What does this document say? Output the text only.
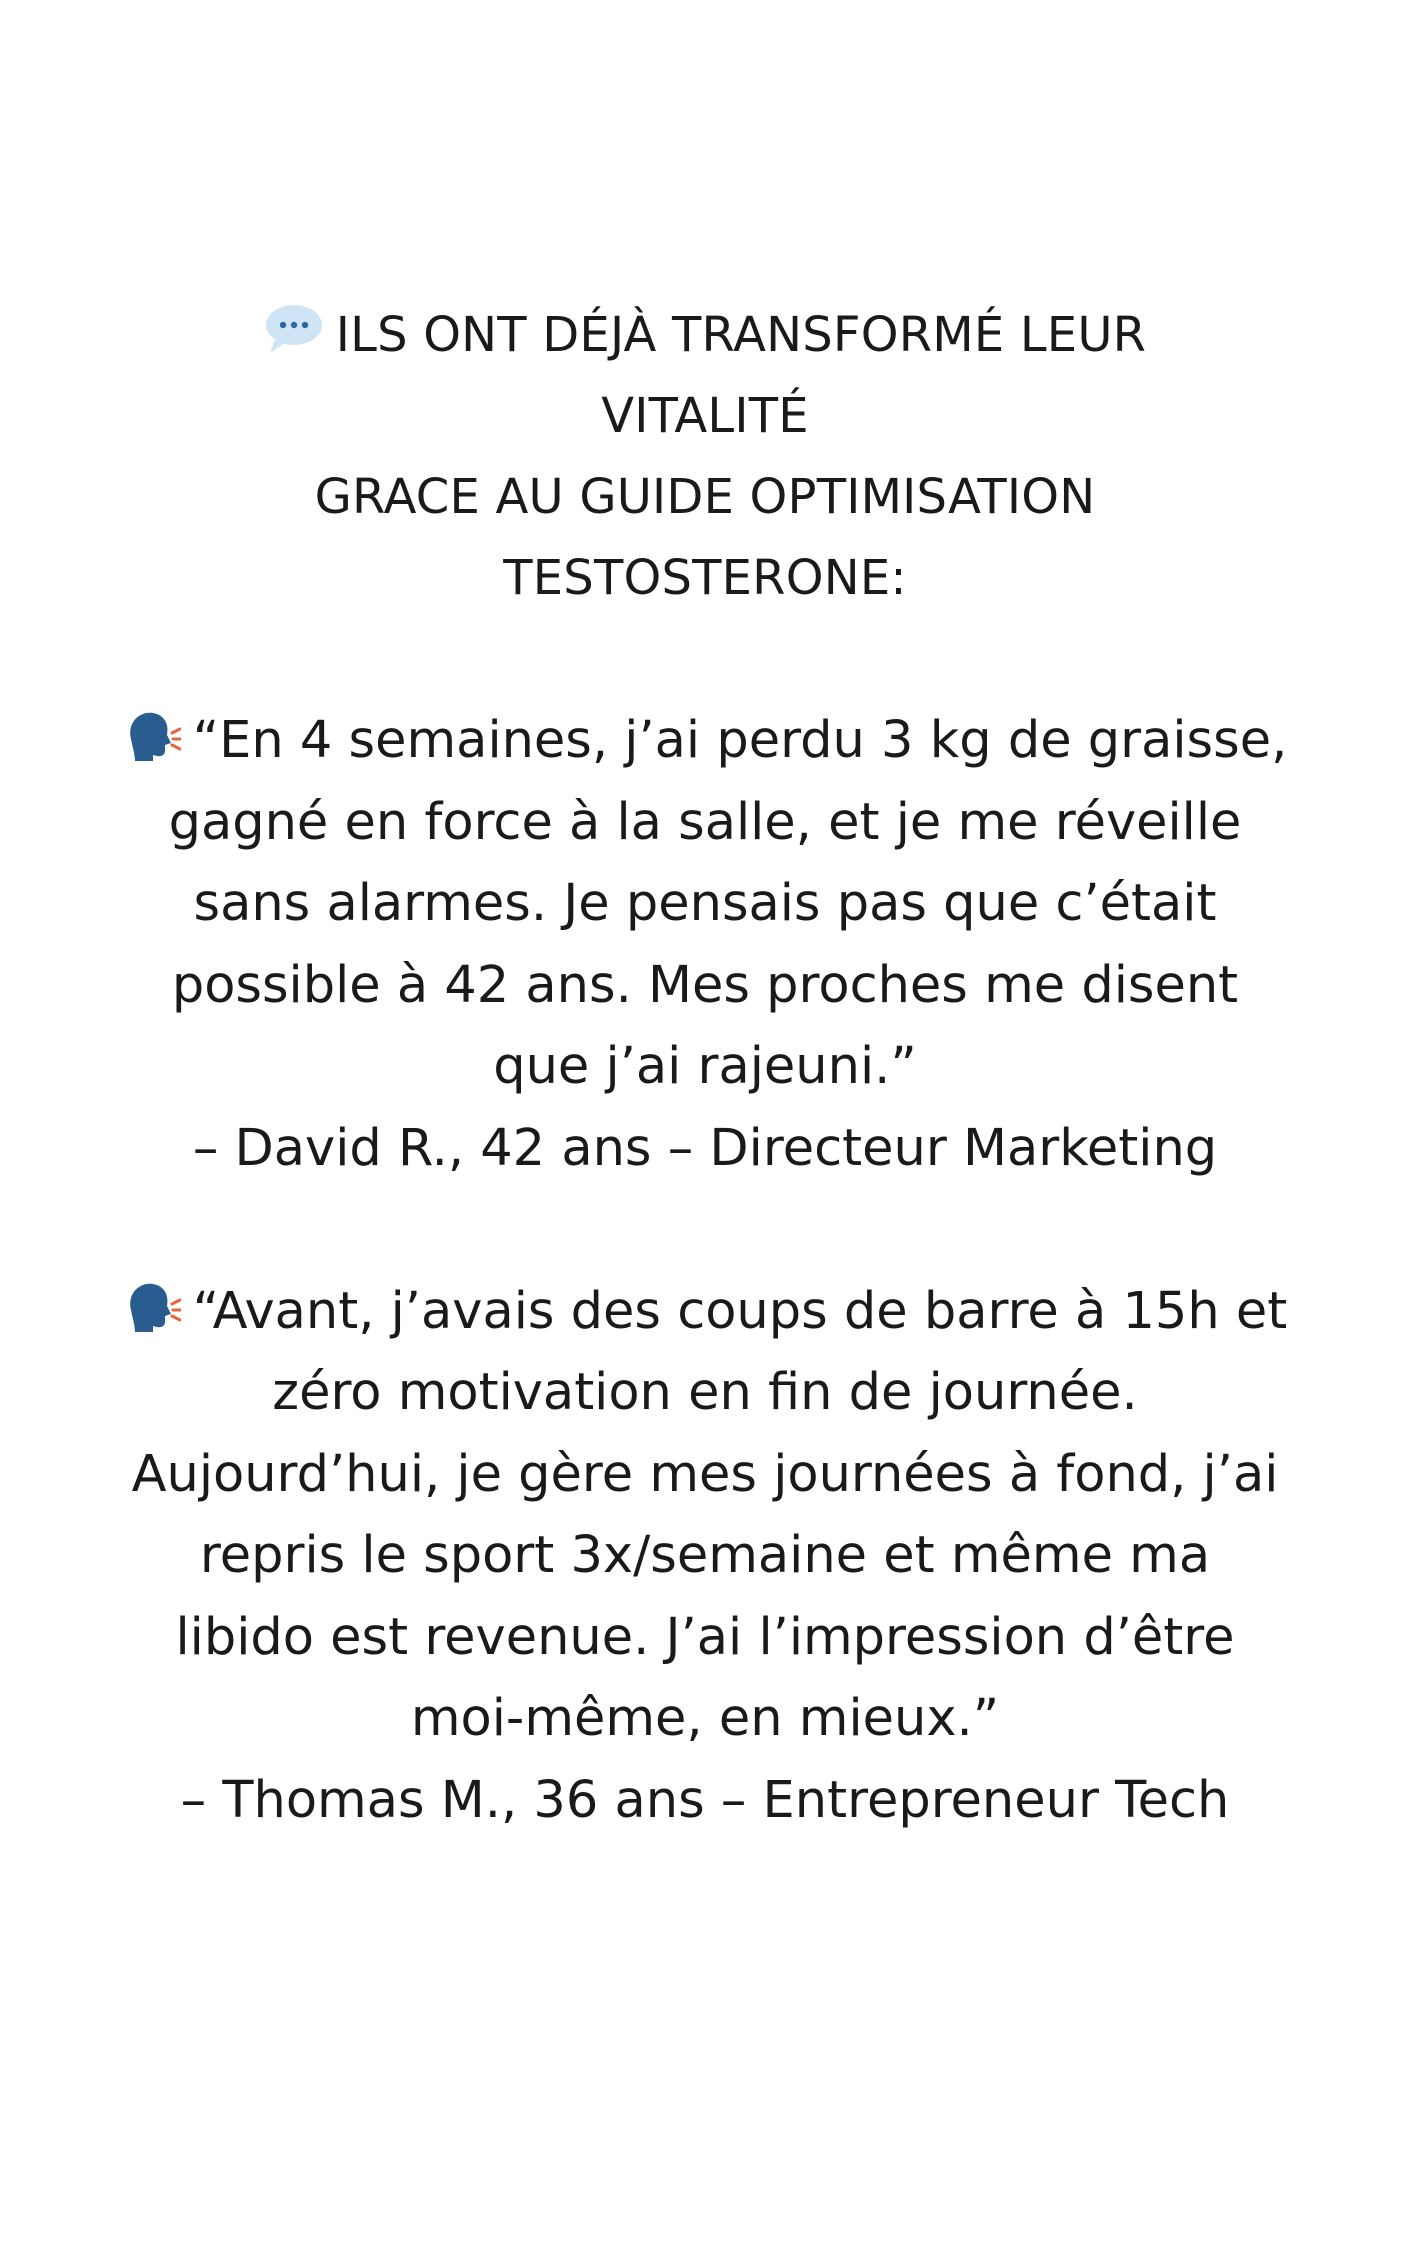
ILS ONT DÉJÀ TRANSFORMÉ LEUR
VITALITÉ
GRACE AU GUIDE OPTIMISATION
TESTOSTERONE:
“En 4 semaines, j’ai perdu 3 kg de graisse,
gagné en force à la salle, et je me réveille
sans alarmes. Je pensais pas que c’était
possible à 42 ans. Mes proches me disent
que j’ai rajeuni.”
– David R., 42 ans – Directeur Marketing
“Avant, j’avais des coups de barre à 15h et
zéro motivation en fin de journée.
Aujourd’hui, je gère mes journées à fond, j’ai
repris le sport 3x/semaine et même ma
libido est revenue. J’ai l’impression d’être
moi-même, en mieux.”
– Thomas M., 36 ans – Entrepreneur Tech
